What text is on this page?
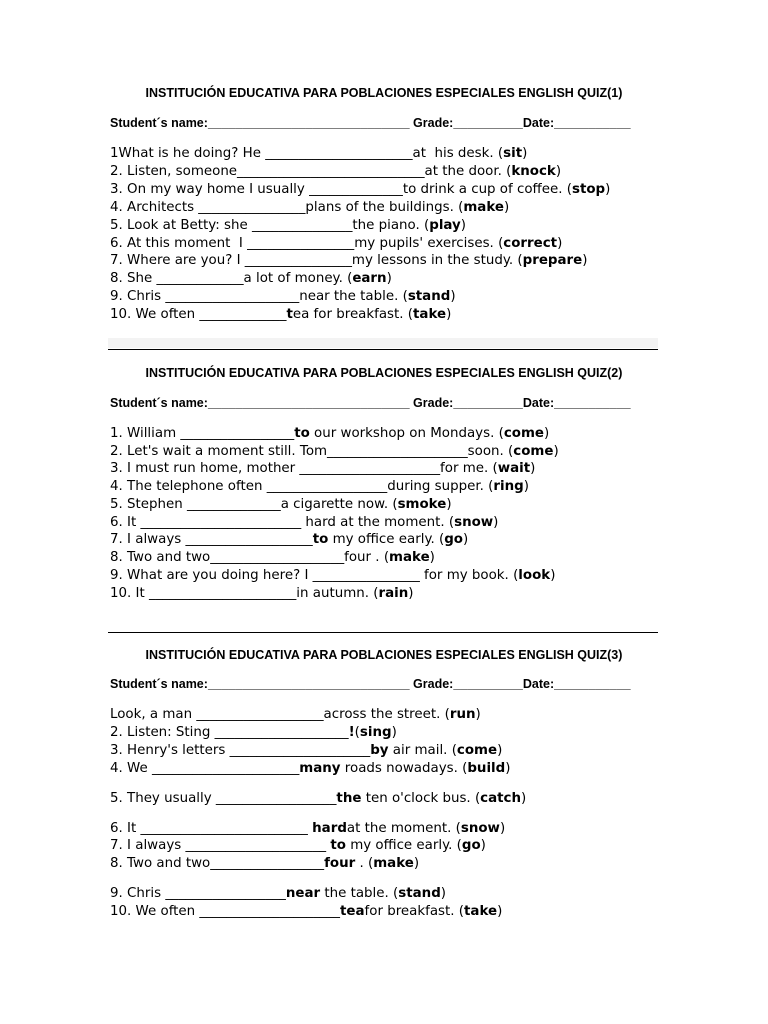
INSTITUCIÓN EDUCATIVA PARA POBLACIONES ESPECIALES ENGLISH QUIZ(1)
Student´s name:_____________________________ Grade:__________Date:___________
1What is he doing? He ______________________at  his desk. (sit)
2. Listen, someone____________________________at the door. (knock)
3. On my way home I usually ______________to drink a cup of coffee. (stop)
4. Architects ________________plans of the buildings. (make)
5. Look at Betty: she _______________the piano. (play)
6. At this moment  I ________________my pupils' exercises. (correct)
7. Where are you? I ________________my lessons in the study. (prepare)
8. She _____________a lot of money. (earn)
9. Chris ____________________near the table. (stand)
10. We often _____________tea for breakfast. (take)
INSTITUCIÓN EDUCATIVA PARA POBLACIONES ESPECIALES ENGLISH QUIZ(2)
Student´s name:_____________________________ Grade:__________Date:___________
1. William _________________to our workshop on Mondays. (come)
2. Let's wait a moment still. Tom_____________________soon. (come)
3. I must run home, mother _____________________for me. (wait)
4. The telephone often __________________during supper. (ring)
5. Stephen ______________a cigarette now. (smoke)
6. It ________________________ hard at the moment. (snow)
7. I always ___________________to my office early. (go)
8. Two and two____________________four . (make)
9. What are you doing here? I ________________ for my book. (look)
10. It ______________________in autumn. (rain)
INSTITUCIÓN EDUCATIVA PARA POBLACIONES ESPECIALES ENGLISH QUIZ(3)
Student´s name:_____________________________ Grade:__________Date:___________
Look, a man ___________________across the street. (run)
2. Listen: Sting ____________________!(sing)
3. Henry's letters _____________________by air mail. (come)
4. We ______________________many roads nowadays. (build)
5. They usually __________________the ten o'clock bus. (catch)
6. It _________________________ hardat the moment. (snow)
7. I always _____________________ to my office early. (go)
8. Two and two_________________four . (make)
9. Chris __________________near the table. (stand)
10. We often _____________________teafor breakfast. (take)
